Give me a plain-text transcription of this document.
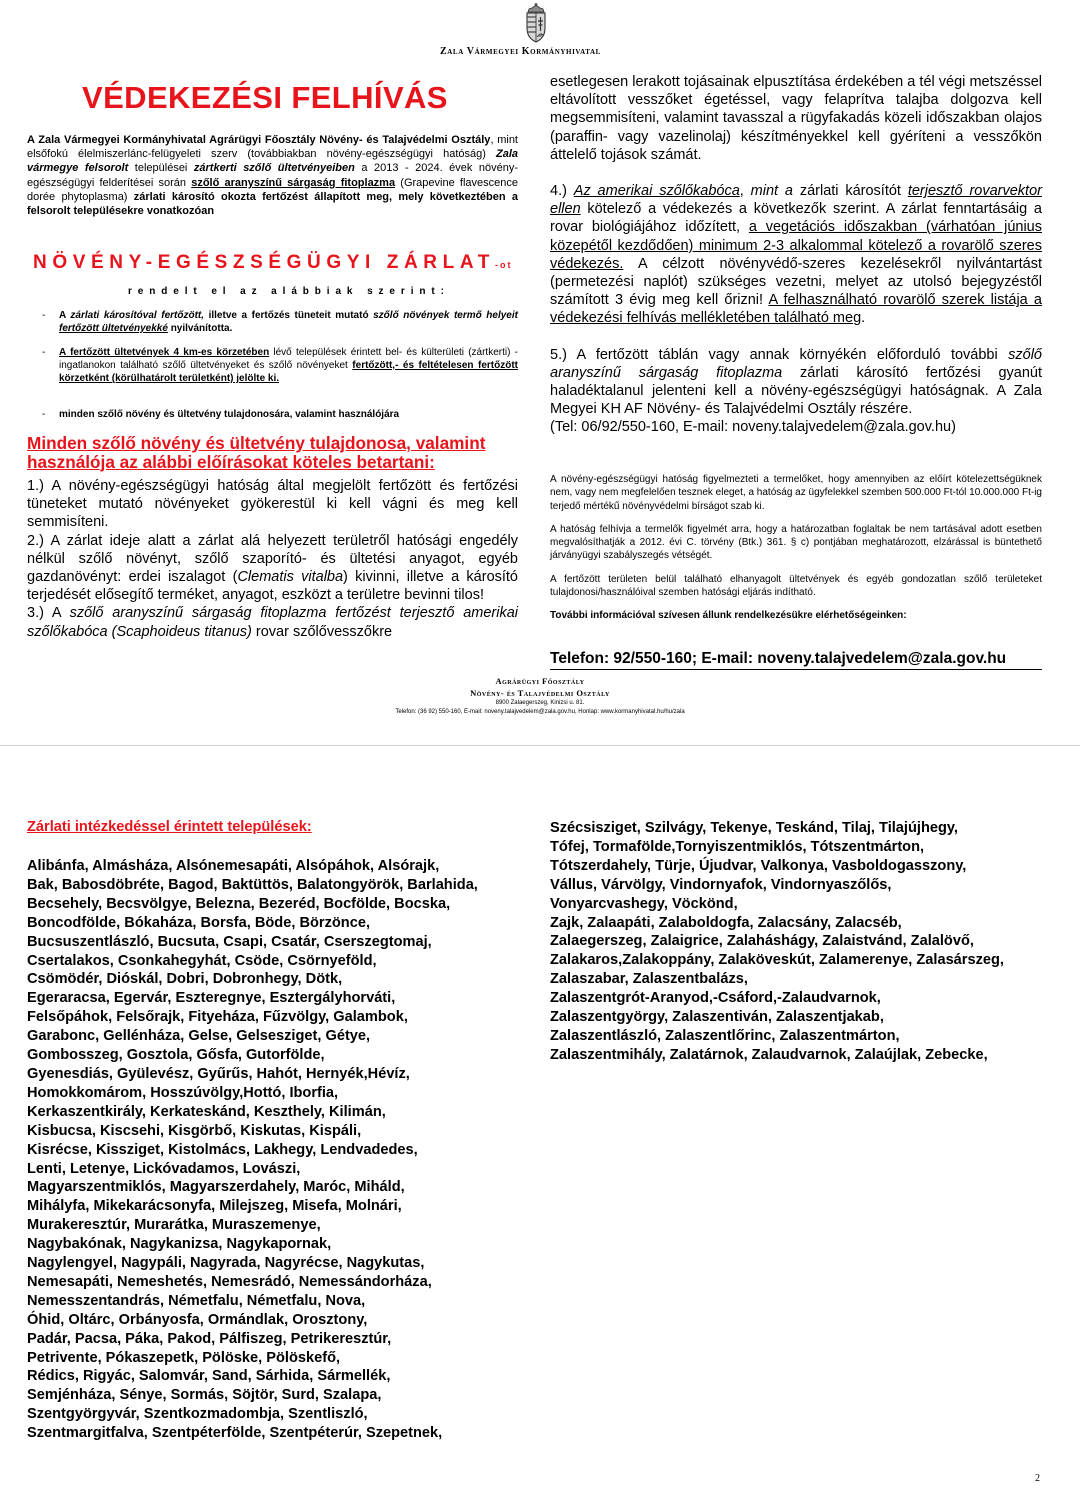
Zala Vármegyei Kormányhivatal
VÉDEKEZÉSI FELHÍVÁS
A Zala Vármegyei Kormányhivatal Agrárügyi Főosztály Növény- és Talajvédelmi Osztály, mint elsőfokú élelmiszerlánc-felügyeleti szerv (továbbiakban növény-egészségügyi hatóság) Zala vármegye felsorolt települései zártkerti szőlő ültetvényeiben a 2013 - 2024. évek növény-egészségügyi felderítései során szőlő aranyszínű sárgaság fitoplazma (Grapevine flavescence dorée phytoplasma) zárlati károsító okozta fertőzést állapított meg, mely következtében a felsorolt településekre vonatkozóan
NÖVÉNY-EGÉSZSÉGÜGYI ZÁRLAT-ot
rendelt el az alábbiak szerint:
- A zárlati károsítóval fertőzött, illetve a fertőzés tüneteit mutató szőlő növények termő helyeit fertőzött ültetvényekké nyilvánította.
- A fertőzött ültetvények 4 km-es körzetében lévő települések érintett bel- és külterületi (zártkerti) - ingatlanokon található szőlő ültetvényeket és szőlő növényeket fertőzött,- és feltételesen fertőzött körzetként (körülhatárolt területként) jelölte ki.
- minden szőlő növény és ültetvény tulajdonosára, valamint használójára
Minden szőlő növény és ültetvény tulajdonosa, valamint használója az alábbi előírásokat köteles betartani:

1.) A növény-egészségügyi hatóság által megjelölt fertőzött és fertőzési tüneteket mutató növényeket gyökerestül ki kell vágni és meg kell semmisíteni.

2.) A zárlat ideje alatt a zárlat alá helyezett területről hatósági engedély nélkül szőlő növényt, szőlő szaporító- és ültetési anyagot, egyéb gazdanövényt: erdei iszalagot (Clematis vitalba) kivinni, illetve a károsító terjedését elősegítő terméket, anyagot, eszközt a területre bevinni tilos!

3.) A szőlő aranyszínű sárgaság fitoplazma fertőzést terjesztő amerikai szőlőkabóca (Scaphoideus titanus) rovar szőlővesszőkre

esetlegesen lerakott tojásainak elpusztítása érdekében a tél végi metszéssel eltávolított vesszőket égetéssel, vagy felaprítva talajba dolgozva kell megsemmisíteni, valamint tavasszal a rügyfakadás közeli időszakban olajos (paraffin- vagy vazelinolaj) készítményekkel kell gyéríteni a vesszőkön áttelelő tojások számát.

4.) Az amerikai szőlőkabóca, mint a zárlati károsítót terjesztő rovarvektor ellen kötelező a védekezés a következők szerint. A zárlat fenntartásáig a rovar biológiájához időzített, a vegetációs időszakban (várhatóan június közepétől kezdődően) minimum 2-3 alkalommal kötelező a rovarölő szeres védekezés. A célzott növényvédő-szeres kezelésekről nyilvántartást (permetezési naplót) szükséges vezetni, melyet az utolsó bejegyzéstől számított 3 évig meg kell őrizni! A felhasználható rovarölő szerek listája a védekezési felhívás mellékletében található meg.

5.) A fertőzött táblán vagy annak környékén előforduló további szőlő aranyszínű sárgaság fitoplazma zárlati károsító fertőzési gyanút haladéktalanul jelenteni kell a növény-egészségügyi hatóságnak. A Zala Megyei KH AF Növény- és Talajvédelmi Osztály részére.
(Tel: 06/92/550-160, E-mail: noveny.talajvedelem@zala.gov.hu)

A növény-egészségügyi hatóság figyelmezteti a termelőket, hogy amennyiben az előírt kötelezettségüknek nem, vagy nem megfelelően tesznek eleget, a hatóság az ügyfelekkel szemben 500.000 Ft-tól 10.000.000 Ft-ig terjedő mértékű növényvédelmi bírságot szab ki.

A hatóság felhívja a termelők figyelmét arra, hogy a határozatban foglaltak be nem tartásával adott esetben megvalósíthatják a 2012. évi C. törvény (Btk.) 361. § c) pontjában meghatározott, elzárással is büntethető járványügyi szabályszegés vétségét.

A fertőzött területen belül található elhanyagolt ültetvények és egyéb gondozatlan szőlő területeket tulajdonosi/használóival szemben hatósági eljárás indítható.

További információval szívesen állunk rendelkezésükre elérhetőségeinken:

Telefon: 92/550-160; E-mail: noveny.talajvedelem@zala.gov.hu
Agrárügyi Főosztály
Növény- és Talajvédelmi Osztály
8900 Zalaegerszeg, Kinizsi u. 81.
Telefon: (36 92) 550-160, E-mail: noveny.talajvedelem@zala.gov.hu, Honlap: www.kormanyhivatal.hu/hu/zala
Zárlati intézkedéssel érintett települések:
Alibánfa, Almásháza, Alsónemesapáti, Alsópáhok, Alsórajk,
Bak, Babosdöbréte, Bagod, Baktüttös, Balatongyörök, Barlahida,
Becsehely, Becsvölgye, Belezna, Bezeréd, Bocfölde, Bocska,
Boncodfölde, Bókaháza, Borsfa, Böde, Börzönce,
Bucsuszentlászló, Bucsuta, Csapi, Csatár, Cserszegtomaj,
Csertalakos, Csonkahegyhát, Csöde, Csörnyeföld,
Csömödér, Dióskál, Dobri, Dobronhegy, Dötk,
Egeraracsa, Egervár, Eszteregnye, Esztergályhorváti,
Felsőpáhok, Felsőrajk, Fityeháza, Fűzvölgy, Galambok,
Garabonc, Gellénháza, Gelse, Gelsesziget, Gétye,
Gombosszeg, Gosztola, Gősfa, Gutorfölde,
Gyenesdiás, Gyülevész, Gyűrűs, Hahót, Hernyék,Hévíz,
Homokkomárom, Hosszúvölgy,Hottó, Iborfia,
Kerkaszentkirály, Kerkateskánd, Keszthely, Kilimán,
Kisbucsa, Kiscsehi, Kisgörbő, Kiskutas, Kispáli,
Kisrécse, Kissziget, Kistolmács, Lakhegy, Lendvadedes,
Lenti, Letenye, Lickóvadamos, Lovászi,
Magyarszentmiklós, Magyarszerdahely, Maróc, Miháld,
Mihályfa, Mikekarácsonyfa, Milejszeg, Misefa, Molnári,
Murakeresztúr, Murarátka, Muraszemenye,
Nagybakónak, Nagykanizsa, Nagykapornak,
Nagylengyel, Nagypáli, Nagyrada, Nagyrécse, Nagykutas,
Nemesapáti, Nemeshetés, Nemesrádó, Nemessándorháza,
Nemesszentandrás, Németfalu, Németfalu, Nova,
Óhid, Oltárc, Orbányosfa, Ormándlak, Orosztony,
Padár, Pacsa, Páka, Pakod, Pálfiszeg, Petrikeresztúr,
Petrivente, Pókaszepetk, Pölöske, Pölöskefő,
Rédics, Rigyác, Salomvár, Sand, Sárhida, Sármellék,
Semjénháza, Sénye, Sormás, Söjtör, Surd, Szalapa,
Szentgyörgyvár, Szentkozmadombja, Szentliszló,
Szentmargitfalva, Szentpéterfölde, Szentpéterúr, Szepetnek,
Szécsisziget, Szilvágy, Tekenye, Teskánd, Tilaj, Tilajújhegy,
Tófej, Tormafölde,Tornyiszentmiklós, Tótszentmárton,
Tótszerdahely, Türje, Újudvar, Valkonya, Vasboldogasszony,
Vállus, Várvölgy, Vindornyafok, Vindornyaszőlős,
Vonyarcvashegy, Vöckönd,
Zajk, Zalaapáti, Zalaboldogfa, Zalacsány, Zalacséb,
Zalaegerszeg, Zalaigrice, Zalaháshágy, Zalaistvánd, Zalalövő,
Zalakaros,Zalakoppány, Zalaköveskút, Zalamerenye, Zalasárszeg,
Zalaszabar, Zalaszentbalázs,
Zalaszentgrót-Aranyod,-Csáford,-Zalaudvarnok,
Zalaszentgyörgy, Zalaszentiván, Zalaszentjakab,
Zalaszentlászló, Zalaszentlőrinc, Zalaszentmárton,
Zalaszentmihály, Zalatárnok, Zalaudvarnok, Zalaújlak, Zebecke,
2
